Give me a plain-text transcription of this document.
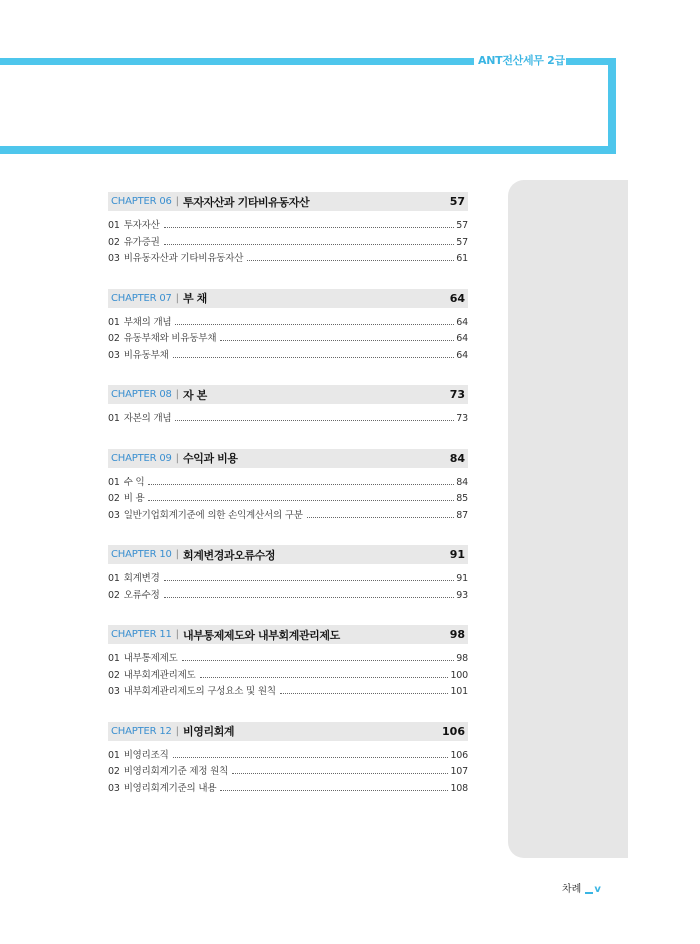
ANT전산세무 2급
CHAPTER 06 | 투자자산과 기타비유동자산	57
01 투자자산	57
02 유가증권	57
03 비유동자산과 기타비유동자산	61
CHAPTER 07 | 부 채	64
01 부채의 개념	64
02 유동부채와 비유동부채	64
03 비유동부채	64
CHAPTER 08 | 자 본	73
01 자본의 개념	73
CHAPTER 09 | 수익과 비용	84
01 수 익	84
02 비 용	85
03 일반기업회계기준에 의한 손익계산서의 구분	87
CHAPTER 10 | 회계변경과오류수정	91
01 회계변경	91
02 오류수정	93
CHAPTER 11 | 내부통제제도와 내부회계관리제도	98
01 내부통제제도	98
02 내부회계관리제도	100
03 내부회계관리제도의 구성요소 및 원칙	101
CHAPTER 12 | 비영리회계	106
01 비영리조직	106
02 비영리회계기준 제정 원칙	107
03 비영리회계기준의 내용	108
차례 v
